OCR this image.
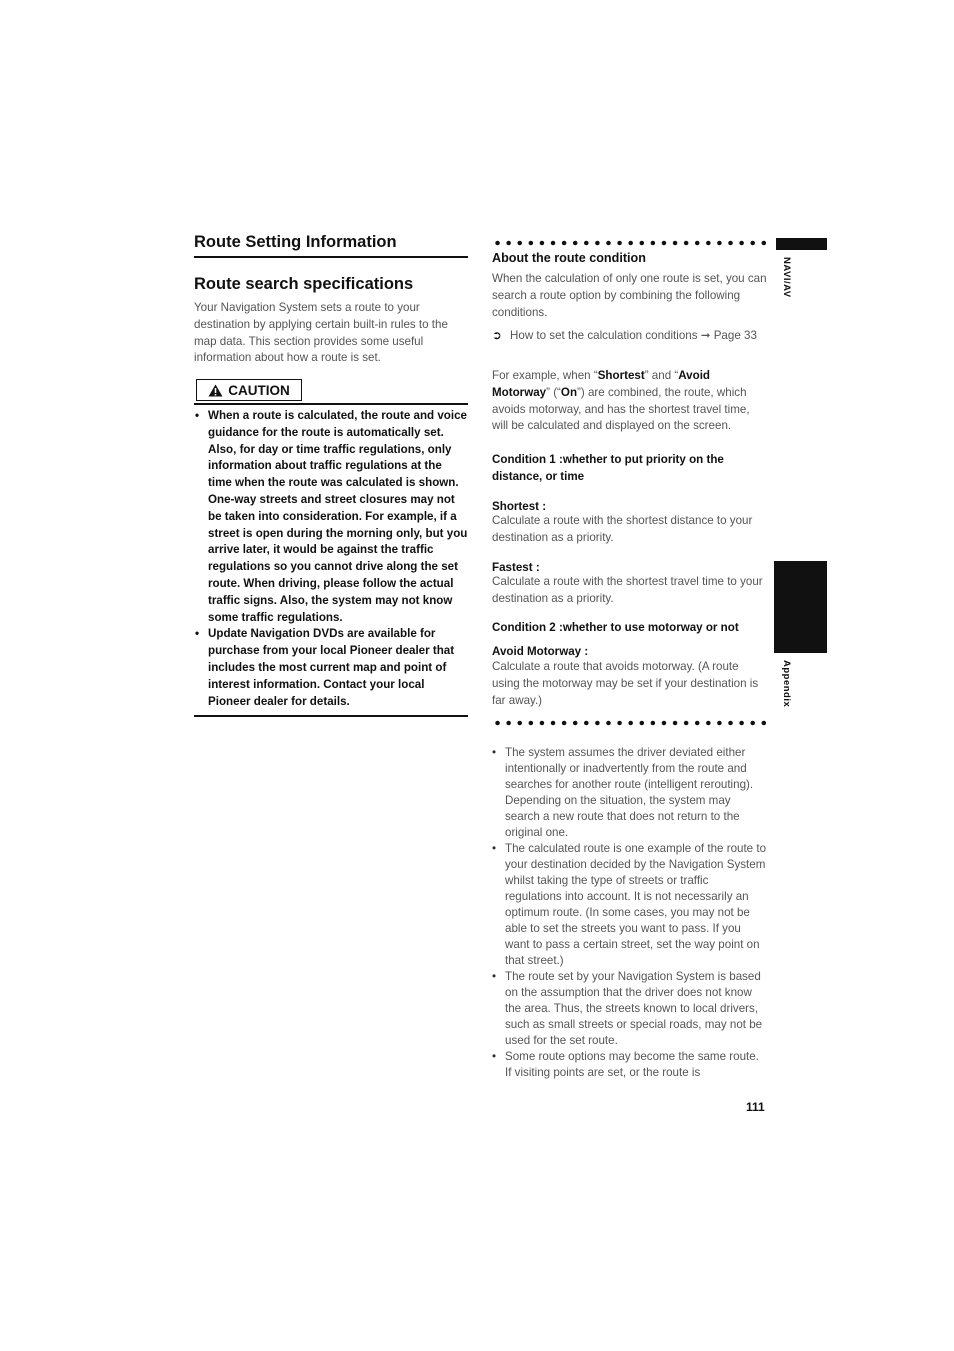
Route Setting Information
Route search specifications
Your Navigation System sets a route to your destination by applying certain built-in rules to the map data. This section provides some useful information about how a route is set.
CAUTION
• When a route is calculated, the route and voice guidance for the route is automatically set. Also, for day or time traffic regulations, only information about traffic regulations at the time when the route was calculated is shown. One-way streets and street closures may not be taken into consideration. For example, if a street is open during the morning only, but you arrive later, it would be against the traffic regulations so you cannot drive along the set route. When driving, please follow the actual traffic signs. Also, the system may not know some traffic regulations.
• Update Navigation DVDs are available for purchase from your local Pioneer dealer that includes the most current map and point of interest information. Contact your local Pioneer dealer for details.
About the route condition
When the calculation of only one route is set, you can search a route option by combining the following conditions.
➲ How to set the calculation conditions ➞ Page 33
For example, when “Shortest” and “Avoid Motorway” (“On”) are combined, the route, which avoids motorway, and has the shortest travel time, will be calculated and displayed on the screen.
Condition 1 :whether to put priority on the distance, or time
Shortest :
Calculate a route with the shortest distance to your destination as a priority.
Fastest :
Calculate a route with the shortest travel time to your destination as a priority.
Condition 2 :whether to use motorway or not
Avoid Motorway :
Calculate a route that avoids motorway. (A route using the motorway may be set if your destination is far away.)
• The system assumes the driver deviated either intentionally or inadvertently from the route and searches for another route (intelligent rerouting). Depending on the situation, the system may search a new route that does not return to the original one.
• The calculated route is one example of the route to your destination decided by the Navigation System whilst taking the type of streets or traffic regulations into account. It is not necessarily an optimum route. (In some cases, you may not be able to set the streets you want to pass. If you want to pass a certain street, set the way point on that street.)
• The route set by your Navigation System is based on the assumption that the driver does not know the area. Thus, the streets known to local drivers, such as small streets or special roads, may not be used for the set route.
• Some route options may become the same route. If visiting points are set, or the route is
111
NAVI/AV
Appendix
